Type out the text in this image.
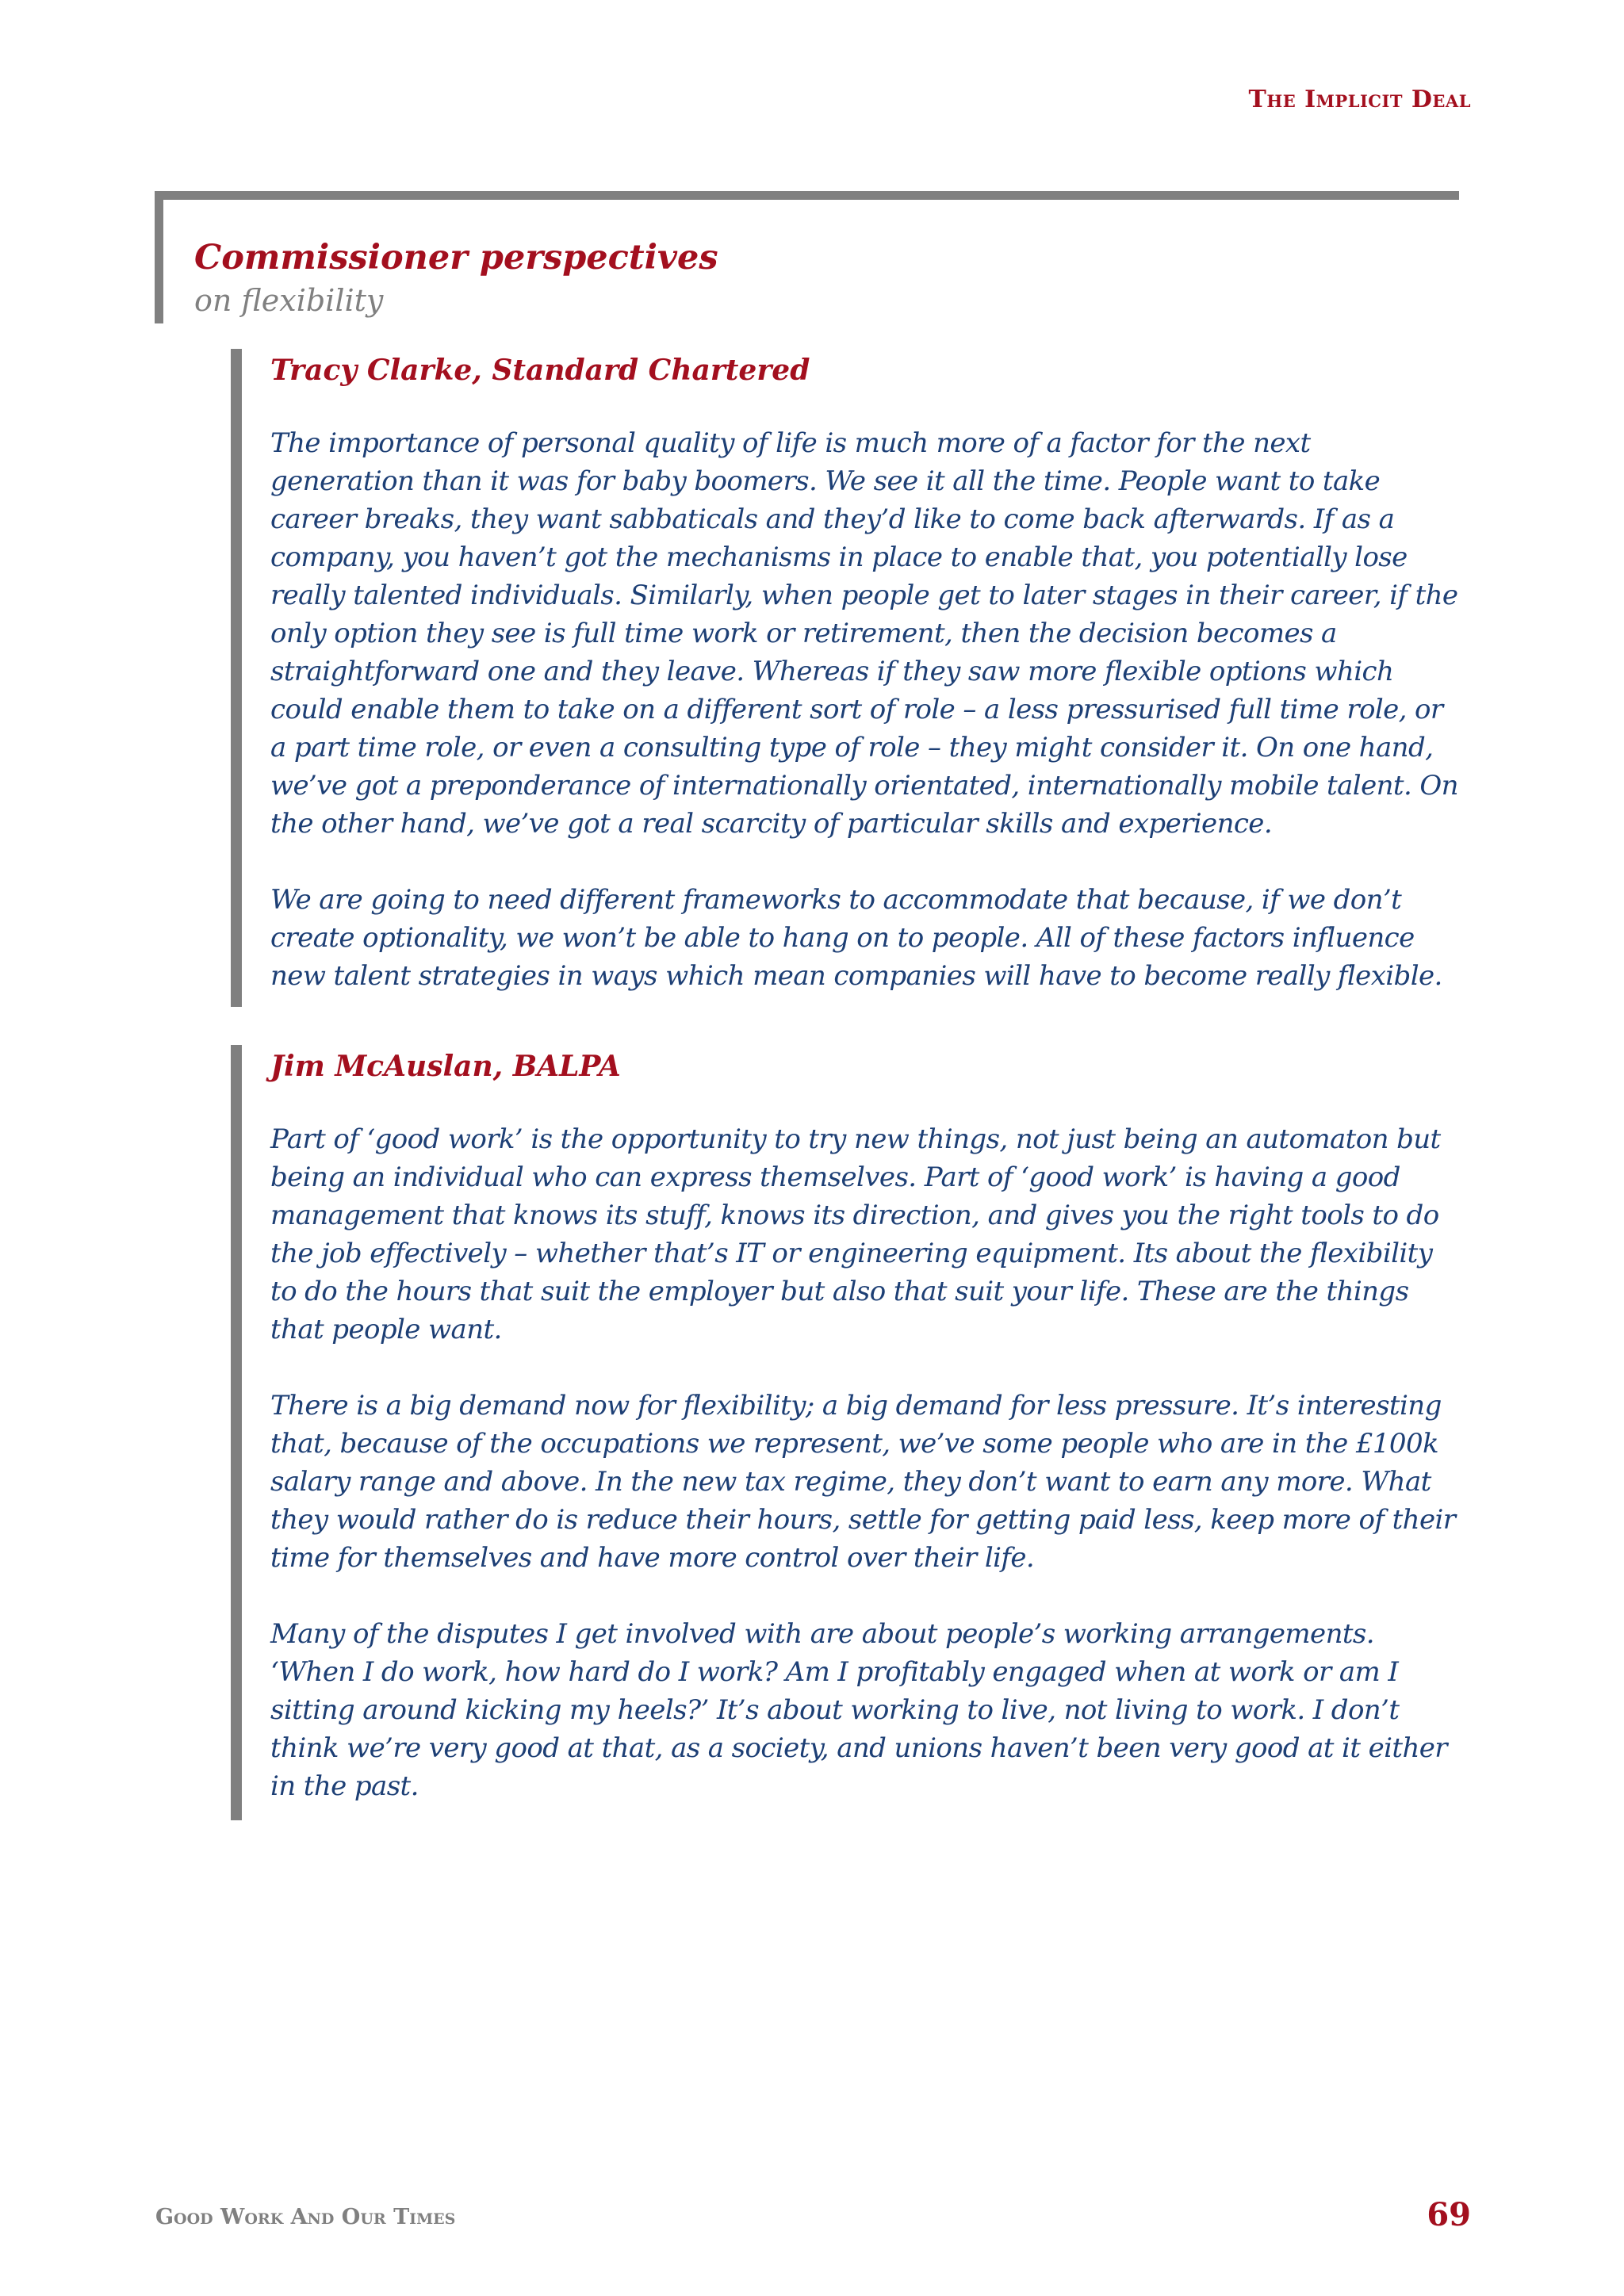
The Implicit Deal
Commissioner perspectives
on flexibility
Tracy Clarke, Standard Chartered

The importance of personal quality of life is much more of a factor for the next generation than it was for baby boomers. We see it all the time. People want to take career breaks, they want sabbaticals and they’d like to come back afterwards. If as a company, you haven’t got the mechanisms in place to enable that, you potentially lose really talented individuals. Similarly, when people get to later stages in their career, if the only option they see is full time work or retirement, then the decision becomes a straightforward one and they leave. Whereas if they saw more flexible options which could enable them to take on a different sort of role – a less pressurised full time role, or a part time role, or even a consulting type of role – they might consider it. On one hand, we’ve got a preponderance of internationally orientated, internationally mobile talent. On the other hand, we’ve got a real scarcity of particular skills and experience.

We are going to need different frameworks to accommodate that because, if we don’t create optionality, we won’t be able to hang on to people. All of these factors influence new talent strategies in ways which mean companies will have to become really flexible.

Jim McAuslan, BALPA

Part of ‘good work’ is the opportunity to try new things, not just being an automaton but being an individual who can express themselves. Part of ‘good work’ is having a good management that knows its stuff, knows its direction, and gives you the right tools to do the job effectively – whether that’s IT or engineering equipment. Its about the flexibility to do the hours that suit the employer but also that suit your life. These are the things that people want.

There is a big demand now for flexibility; a big demand for less pressure. It’s interesting that, because of the occupations we represent, we’ve some people who are in the £100k salary range and above. In the new tax regime, they don’t want to earn any more. What they would rather do is reduce their hours, settle for getting paid less, keep more of their time for themselves and have more control over their life.

Many of the disputes I get involved with are about people’s working arrangements. ‘When I do work, how hard do I work? Am I profitably engaged when at work or am I sitting around kicking my heels?’ It’s about working to live, not living to work. I don’t think we’re very good at that, as a society, and unions haven’t been very good at it either in the past.

Good Work And Our Times	69
